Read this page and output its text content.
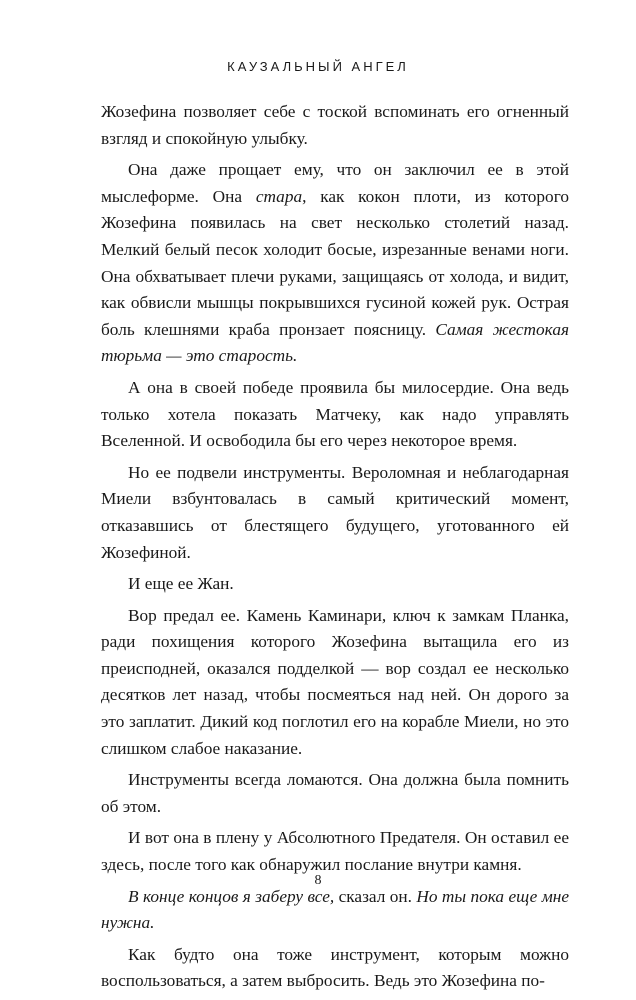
КАУЗАЛЬНЫЙ АНГЕЛ

Жозефина позволяет себе с тоской вспоминать его огненный взгляд и спокойную улыбку.

Она даже прощает ему, что он заключил ее в этой мыслеформе. Она стара, как кокон плоти, из которого Жозефина появилась на свет несколько столетий назад. Мелкий белый песок холодит босые, изрезанные венами ноги. Она обхватывает плечи руками, защищаясь от холода, и видит, как обвисли мышцы покрывшихся гусиной кожей рук. Острая боль клешнями краба пронзает поясницу. Самая жестокая тюрьма — это старость.

А она в своей победе проявила бы милосердие. Она ведь только хотела показать Матчеку, как надо управлять Вселенной. И освободила бы его через некоторое время.

Но ее подвели инструменты. Вероломная и неблагодарная Миели взбунтовалась в самый критический момент, отказавшись от блестящего будущего, уготованного ей Жозефиной.

И еще ее Жан.

Вор предал ее. Камень Каминари, ключ к замкам Планка, ради похищения которого Жозефина вытащила его из преисподней, оказался подделкой — вор создал ее несколько десятков лет назад, чтобы посмеяться над ней. Он дорого за это заплатит. Дикий код поглотил его на корабле Миели, но это слишком слабое наказание.

Инструменты всегда ломаются. Она должна была помнить об этом.

И вот она в плену у Абсолютного Предателя. Он оставил ее здесь, после того как обнаружил послание внутри камня.

В конце концов я заберу все, сказал он. Но ты пока еще мне нужна.

Как будто она тоже инструмент, которым можно воспользоваться, а затем выбросить. Ведь это Жозефина по-

8
